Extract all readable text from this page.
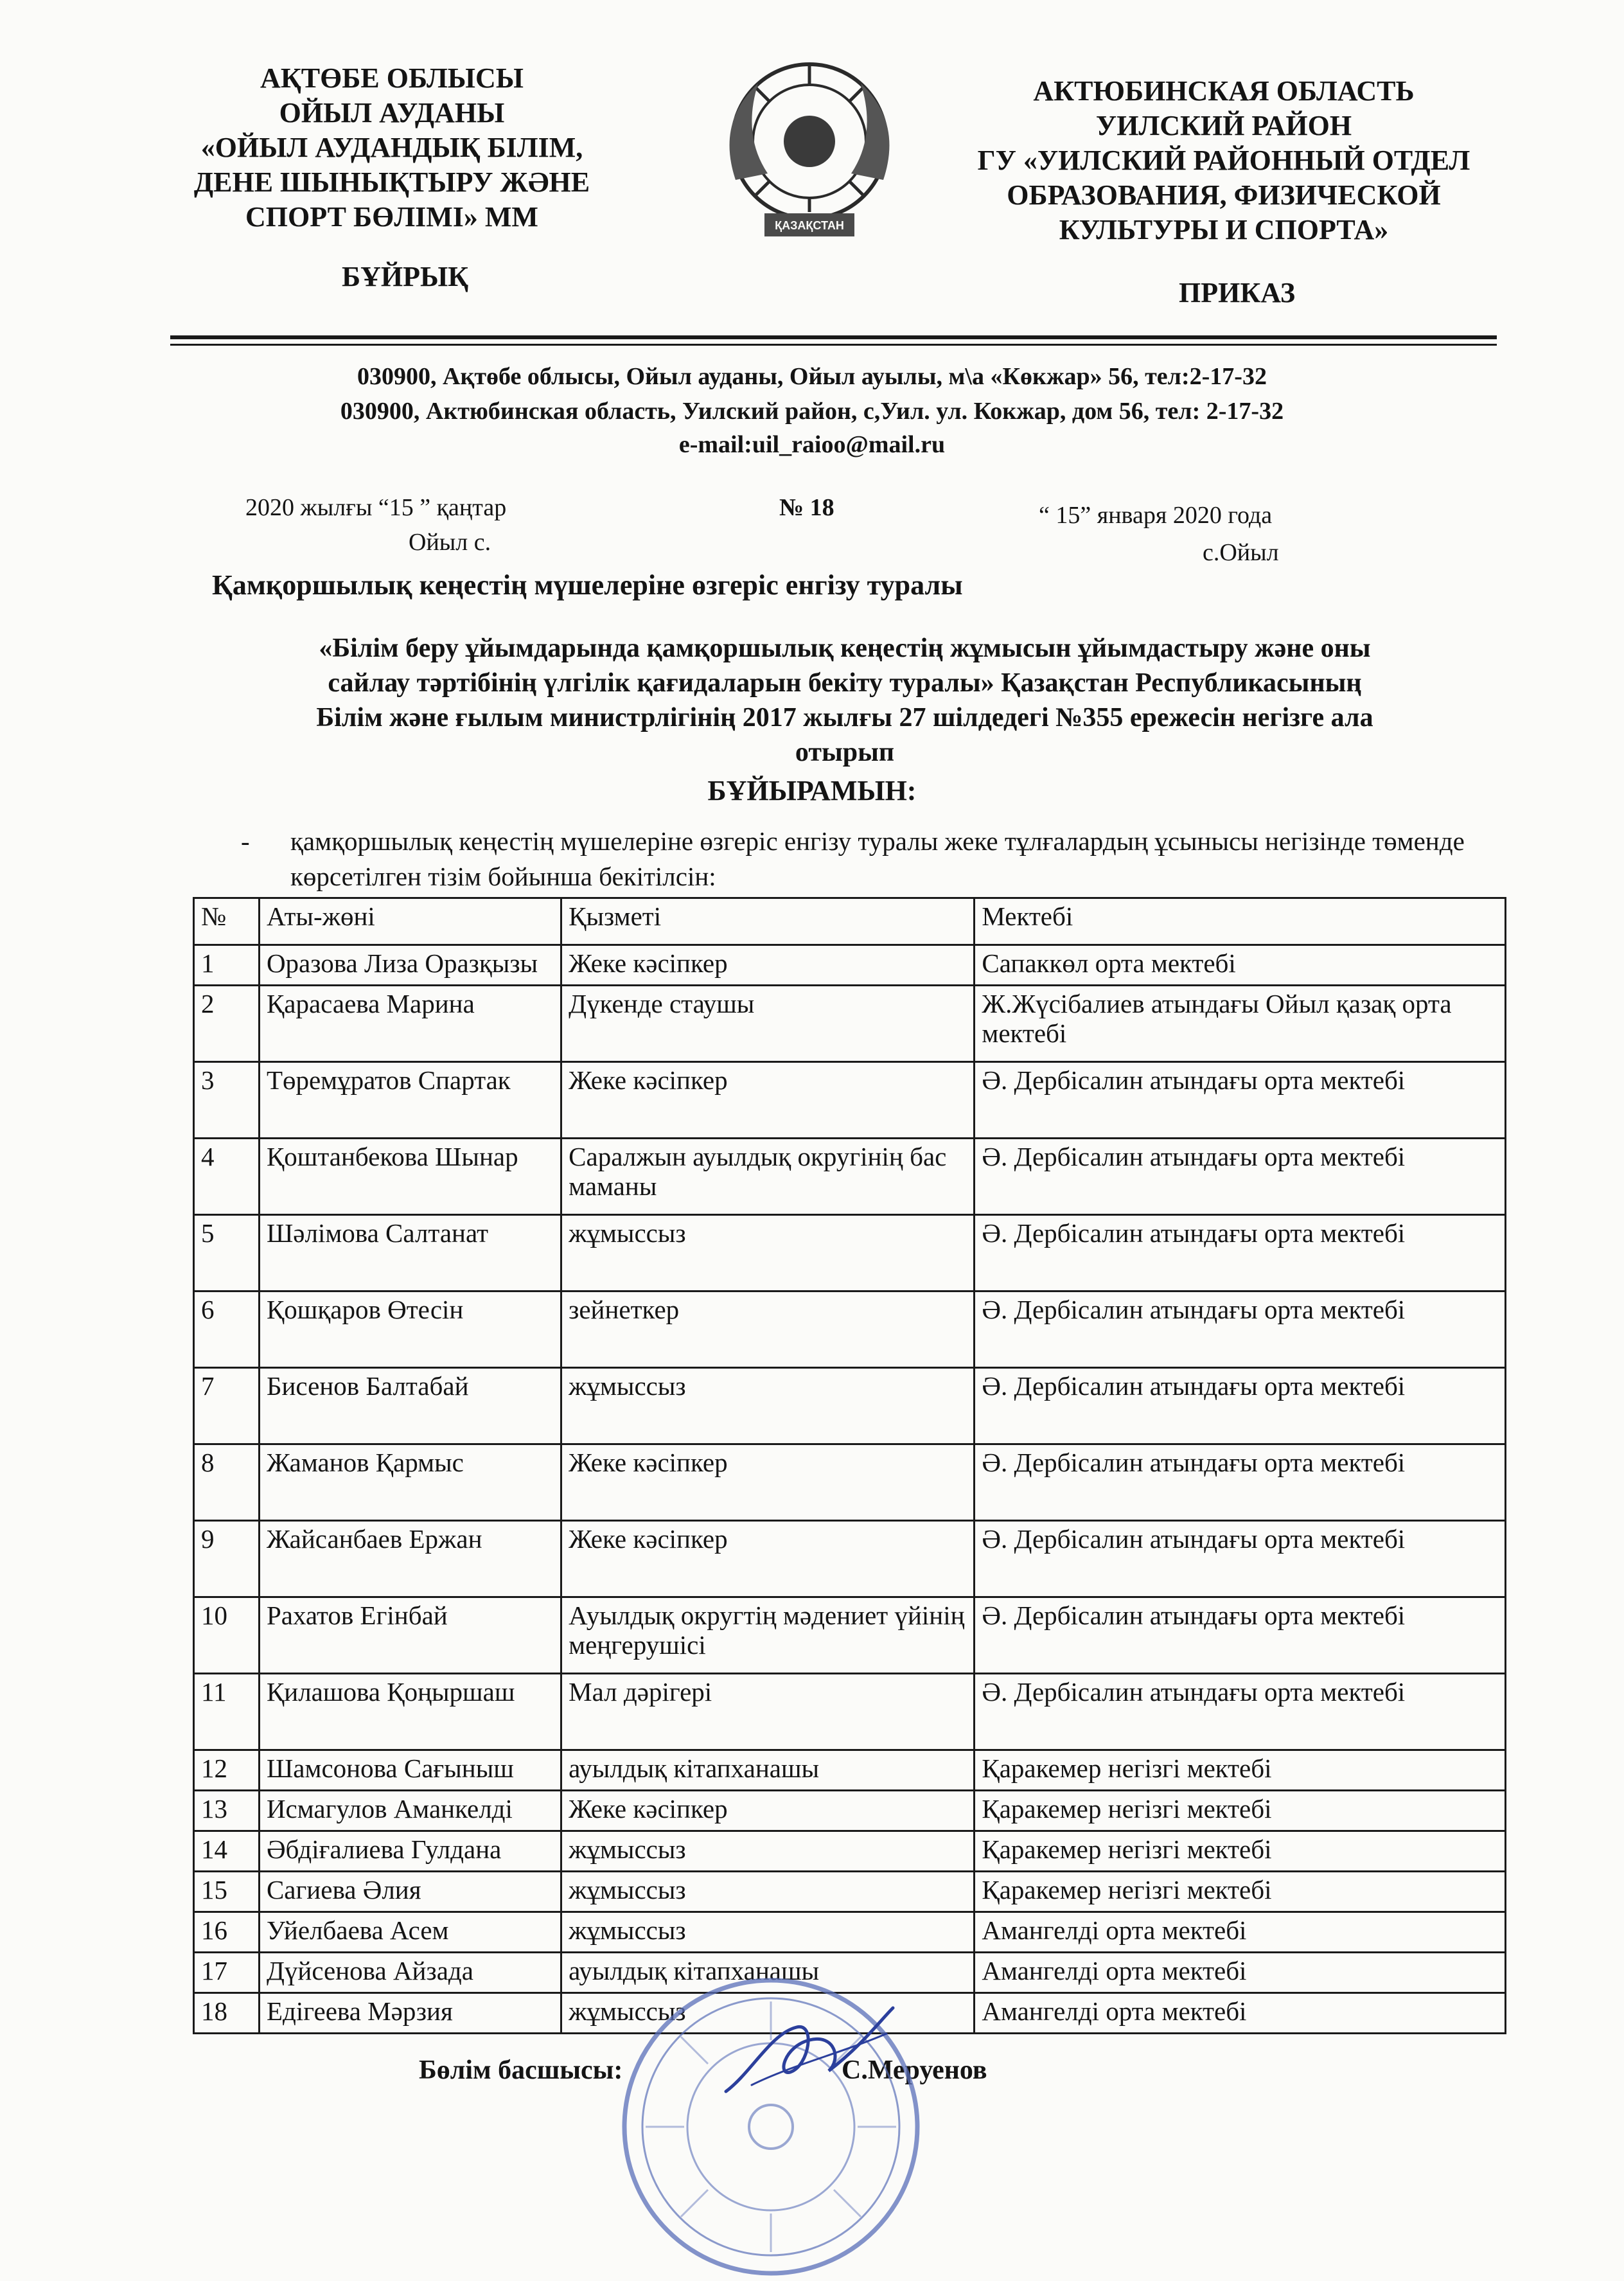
АҚТӨБЕ ОБЛЫСЫ
ОЙЫЛ АУДАНЫ
«ОЙЫЛ АУДАНДЫҚ БІЛІМ,
ДЕНЕ ШЫНЫҚТЫРУ ЖӘНЕ
СПОРТ БӨЛІМІ» ММ
БҰЙРЫҚ
ҚАЗАҚСТАН
АКТЮБИНСКАЯ ОБЛАСТЬ
УИЛСКИЙ РАЙОН
ГУ «УИЛСКИЙ РАЙОННЫЙ ОТДЕЛ
ОБРАЗОВАНИЯ, ФИЗИЧЕСКОЙ
КУЛЬТУРЫ И СПОРТА»
ПРИКАЗ
030900, Ақтөбе облысы, Ойыл ауданы, Ойыл ауылы, м\а «Көкжар» 56, тел:2-17-32
030900, Актюбинская область, Уилский район, с,Уил. ул. Кокжар, дом 56, тел: 2-17-32
e-mail:uil_raioo@mail.ru
2020 жылғы “15 ” қаңтар
Ойыл с.
№ 18	“ 15” января 2020 года
с.Ойыл
Қамқоршылық кеңестің мүшелеріне өзгеріс енгізу туралы
«Білім беру ұйымдарында қамқоршылық кеңестің жұмысын ұйымдастыру және оны
сайлау тәртібінің үлгілік қағидаларын бекіту туралы» Қазақстан Республикасының
Білім және ғылым министрлігінің 2017 жылғы 27 шілдедегі №355 ережесін негізге ала
отырып
БҰЙЫРАМЫН:
- қамқоршылық кеңестің мүшелеріне өзгеріс енгізу туралы жеке тұлғалардың ұсынысы негізінде төменде көрсетілген тізім бойынша бекітілсін:
№	Аты-жөні	Қызметі	Мектебі
1	Оразова Лиза Оразқызы	Жеке кәсіпкер	Сапаккөл орта мектебі
2	Қарасаева Марина	Дүкенде стаушы	Ж.Жүсібалиев атындағы Ойыл қазақ орта мектебі
3	Төремұратов Спартак	Жеке кәсіпкер	Ә. Дербісалин атындағы орта мектебі
4	Қоштанбекова Шынар	Саралжын ауылдық округінің бас маманы	Ә. Дербісалин атындағы орта мектебі
5	Шәлімова Салтанат	жұмыссыз	Ә. Дербісалин атындағы орта мектебі
6	Қошқаров Өтесін	зейнеткер	Ә. Дербісалин атындағы орта мектебі
7	Бисенов Балтабай	жұмыссыз	Ә. Дербісалин атындағы орта мектебі
8	Жаманов Қармыс	Жеке кәсіпкер	Ә. Дербісалин атындағы орта мектебі
9	Жайсанбаев Ержан	Жеке кәсіпкер	Ә. Дербісалин атындағы орта мектебі
10	Рахатов Егінбай	Ауылдық округтің мәдениет үйінің меңгерушісі	Ә. Дербісалин атындағы орта мектебі
11	Қилашова Қоңыршаш	Мал дәрігері	Ә. Дербісалин атындағы орта мектебі
12	Шамсонова Сағыныш	ауылдық кітапханашы	Қаракемер негізгі мектебі
13	Исмагулов Аманкелді	Жеке кәсіпкер	Қаракемер негізгі мектебі
14	Әбдіғалиева Гулдана	жұмыссыз	Қаракемер негізгі мектебі
15	Сагиева Әлия	жұмыссыз	Қаракемер негізгі мектебі
16	Уйелбаева Асем	жұмыссыз	Амангелді орта мектебі
17	Дүйсенова Айзада	ауылдық кітапханашы	Амангелді орта мектебі
18	Едігеева Мәрзия	жұмыссыз	Амангелді орта мектебі
Бөлім басшысы:	С.Меруенов
